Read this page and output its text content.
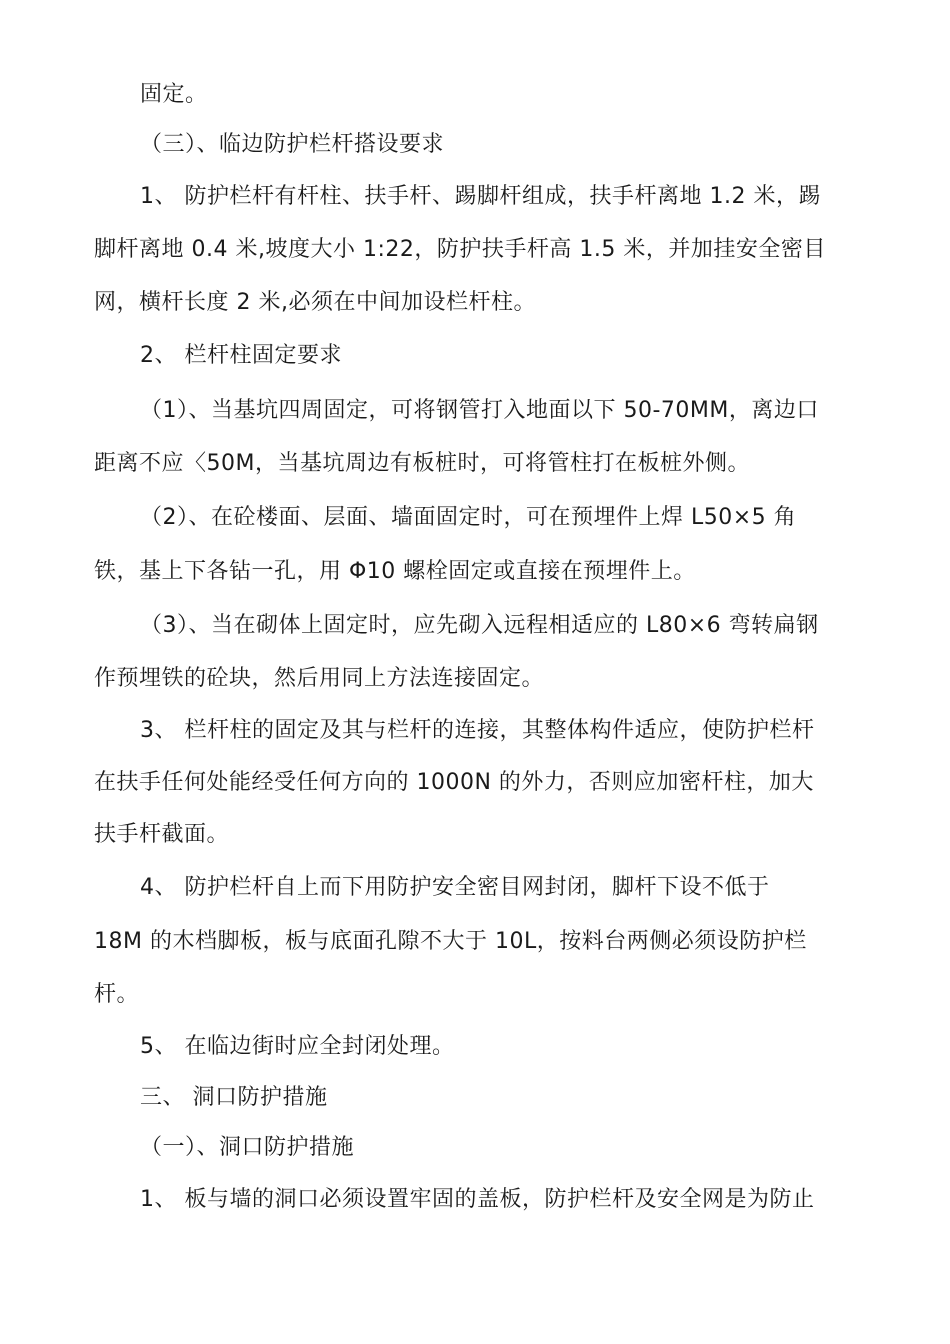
固定。
（三）、临边防护栏杆搭设要求
1、 防护栏杆有杆柱、扶手杆、踢脚杆组成，扶手杆离地 1.2 米，踢
脚杆离地 0.4 米,坡度大小 1:22，防护扶手杆高 1.5 米，并加挂安全密目
网，横杆长度 2 米,必须在中间加设栏杆柱。
2、 栏杆柱固定要求
（1）、当基坑四周固定，可将钢管打入地面以下 50-70MM，离边口
距离不应〈50M，当基坑周边有板桩时，可将管柱打在板桩外侧。
（2）、在砼楼面、层面、墙面固定时，可在预埋件上焊 L50×5 角
铁，基上下各钻一孔，用 Φ10 螺栓固定或直接在预埋件上。
（3）、当在砌体上固定时，应先砌入远程相适应的 L80×6 弯转扁钢
作预埋铁的砼块，然后用同上方法连接固定。
3、 栏杆柱的固定及其与栏杆的连接，其整体构件适应，使防护栏杆
在扶手任何处能经受任何方向的 1000N 的外力，否则应加密杆柱，加大
扶手杆截面。
4、 防护栏杆自上而下用防护安全密目网封闭，脚杆下设不低于
18M 的木档脚板，板与底面孔隙不大于 10L，按料台两侧必须设防护栏
杆。
5、 在临边街时应全封闭处理。
三、 洞口防护措施
（一）、洞口防护措施
1、 板与墙的洞口必须设置牢固的盖板，防护栏杆及安全网是为防止
